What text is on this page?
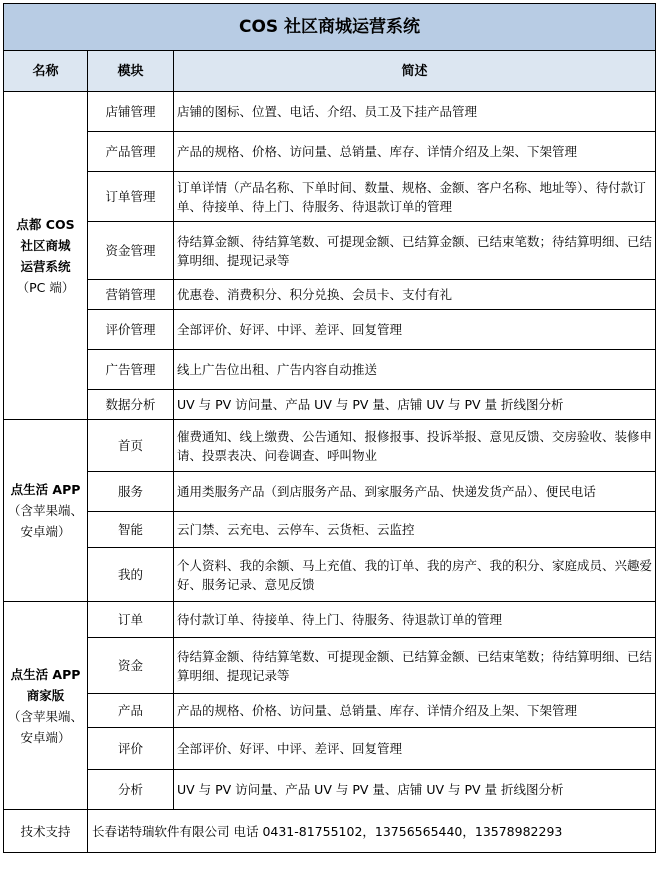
COS 社区商城运营系统		
名称	模块	简述

点都 COS
社区商城
运营系统
（PC 端）	店铺管理	店铺的图标、位置、电话、介绍、员工及下挂产品管理
	产品管理	产品的规格、价格、访问量、总销量、库存、详情介绍及上架、下架管理
	订单管理	订单详情（产品名称、下单时间、数量、规格、金额、客户名称、地址等）、待付款订单、待接单、待上门、待服务、待退款订单的管理
	资金管理	待结算金额、待结算笔数、可提现金额、已结算金额、已结束笔数；待结算明细、已结算明细、提现记录等
	营销管理	优惠卷、消费积分、积分兑换、会员卡、支付有礼
	评价管理	全部评价、好评、中评、差评、回复管理
	广告管理	线上广告位出租、广告内容自动推送
	数据分析	UV 与 PV 访问量、产品 UV 与 PV 量、店铺 UV 与 PV 量 折线图分析

点生活 APP
（含苹果端、
安卓端）	首页	催费通知、线上缴费、公告通知、报修报事、投诉举报、意见反馈、交房验收、装修申请、投票表决、问卷调查、呼叫物业
	服务	通用类服务产品（到店服务产品、到家服务产品、快递发货产品）、便民电话
	智能	云门禁、云充电、云停车、云货柜、云监控
	我的	个人资料、我的余额、马上充值、我的订单、我的房产、我的积分、家庭成员、兴趣爱好、服务记录、意见反馈

点生活 APP
商家版
（含苹果端、
安卓端）	订单	待付款订单、待接单、待上门、待服务、待退款订单的管理
	资金	待结算金额、待结算笔数、可提现金额、已结算金额、已结束笔数；待结算明细、已结算明细、提现记录等
	产品	产品的规格、价格、访问量、总销量、库存、详情介绍及上架、下架管理
	评价	全部评价、好评、中评、差评、回复管理
	分析	UV 与 PV 访问量、产品 UV 与 PV 量、店铺 UV 与 PV 量 折线图分析
技术支持	长春诺特瑞软件有限公司 电话 0431-81755102，13756565440，13578982293	
